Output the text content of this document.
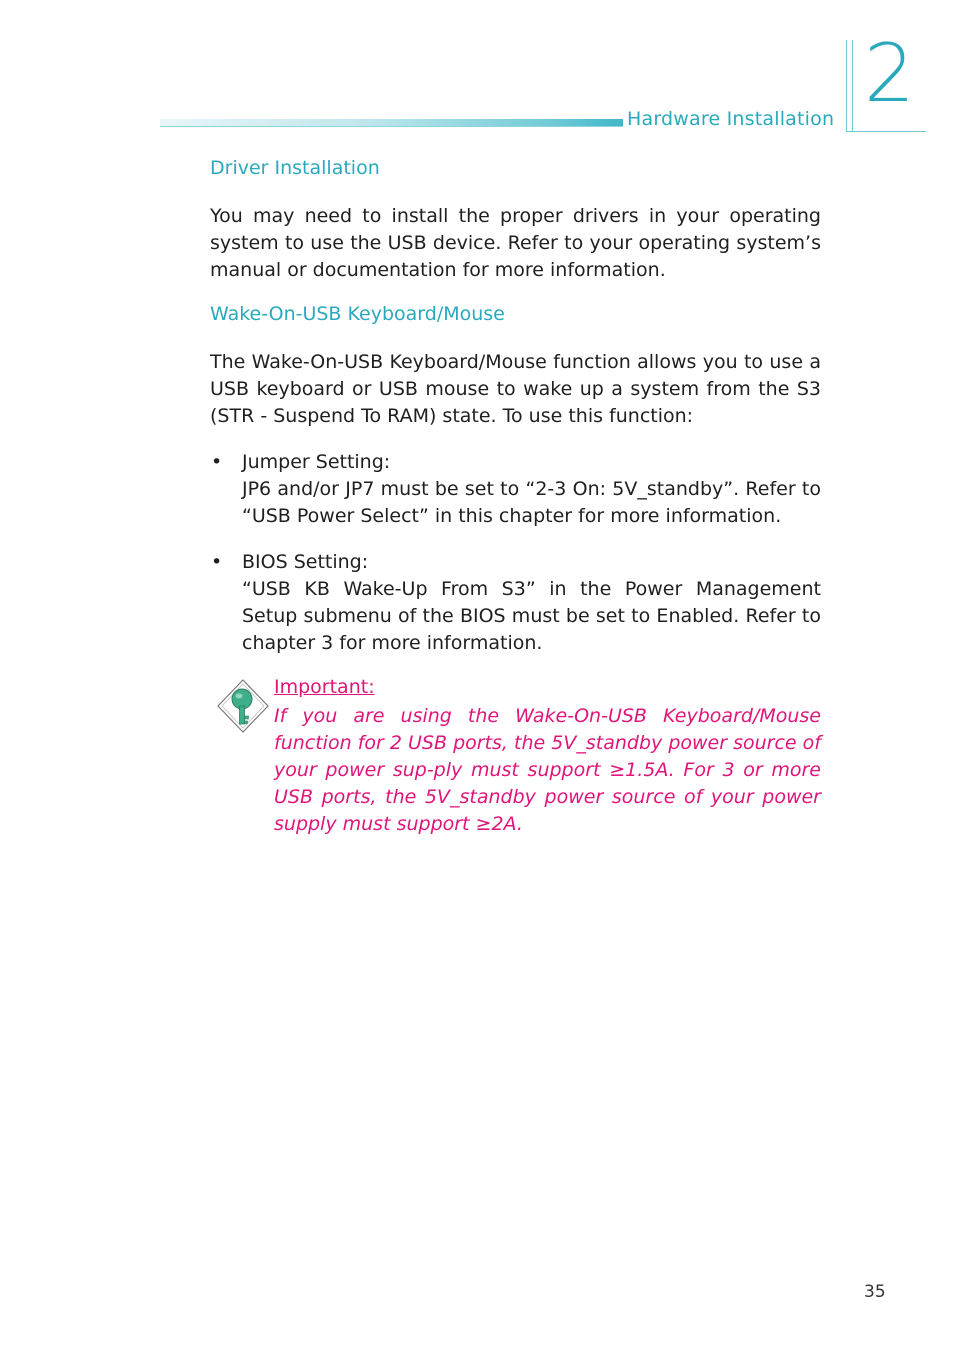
Hardware Installation 2
Driver Installation
You may need to install the proper drivers in your operating system to use the USB device. Refer to your operating system’s manual or documentation for more information.
Wake-On-USB Keyboard/Mouse
The Wake-On-USB Keyboard/Mouse function allows you to use a USB keyboard or USB mouse to wake up a system from the S3 (STR - Suspend To RAM) state. To use this function:
• Jumper Setting:
JP6 and/or JP7 must be set to “2-3 On: 5V_standby”. Refer to “USB Power Select” in this chapter for more information.
• BIOS Setting:
“USB KB Wake-Up From S3” in the Power Management Setup submenu of the BIOS must be set to Enabled. Refer to chapter 3 for more information.
Important:
If you are using the Wake-On-USB Keyboard/Mouse function for 2 USB ports, the 5V_standby power source of your power sup-ply must support ≥1.5A. For 3 or more USB ports, the 5V_standby power source of your power supply must support ≥2A.
35
